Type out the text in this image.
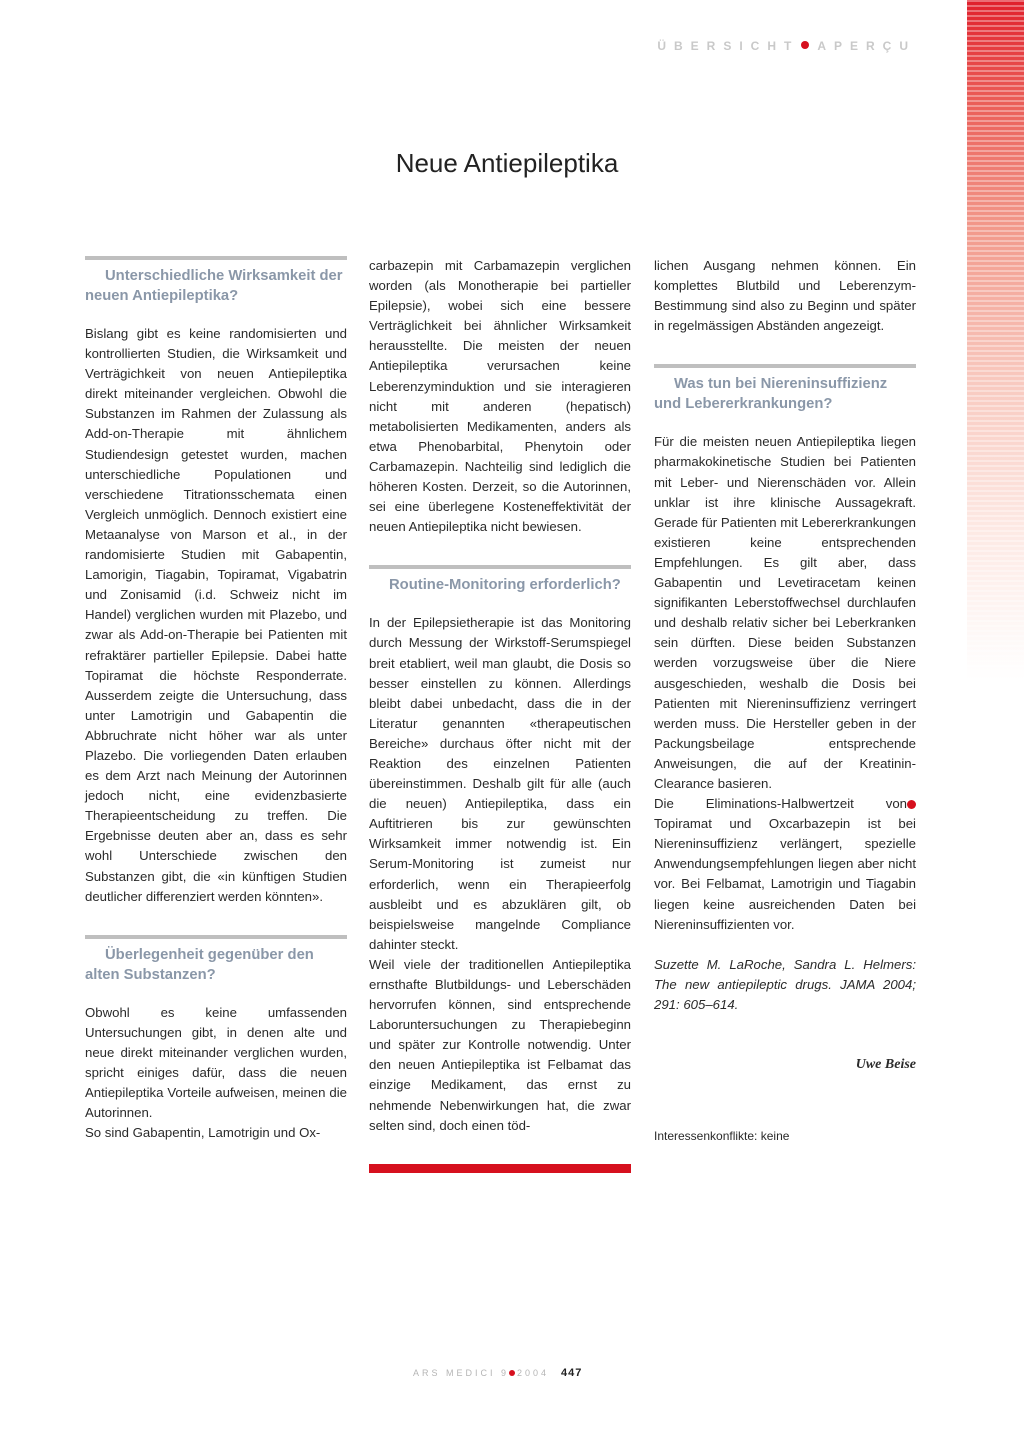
ÜBERSICHT APERÇU
Neue Antiepileptika
Unterschiedliche Wirksamkeit der neuen Antiepileptika?

Bislang gibt es keine randomisierten und kontrollierten Studien, die Wirksamkeit und Verträgichkeit von neuen Antiepileptika direkt miteinander vergleichen. Obwohl die Substanzen im Rahmen der Zulassung als Add-on-Therapie mit ähnlichem Studiendesign getestet wurden, machen unterschiedliche Populationen und verschiedene Titrationsschemata einen Vergleich unmöglich. Dennoch existiert eine Metaanalyse von Marson et al., in der randomisierte Studien mit Gabapentin, Lamorigin, Tiagabin, Topiramat, Vigabatrin und Zonisamid (i.d. Schweiz nicht im Handel) verglichen wurden mit Plazebo, und zwar als Add-on-Therapie bei Patienten mit refraktärer partieller Epilepsie. Dabei hatte Topiramat die höchste Responderrate. Ausserdem zeigte die Untersuchung, dass unter Lamotrigin und Gabapentin die Abbruchrate nicht höher war als unter Plazebo. Die vorliegenden Daten erlauben es dem Arzt nach Meinung der Autorinnen jedoch nicht, eine evidenzbasierte Therapieentscheidung zu treffen. Die Ergebnisse deuten aber an, dass es sehr wohl Unterschiede zwischen den Substanzen gibt, die «in künftigen Studien deutlicher differenziert werden könnten».

Überlegenheit gegenüber den alten Substanzen?

Obwohl es keine umfassenden Untersuchungen gibt, in denen alte und neue direkt miteinander verglichen wurden, spricht einiges dafür, dass die neuen Antiepileptika Vorteile aufweisen, meinen die Autorinnen.

So sind Gabapentin, Lamotrigin und Ox-

carbazepin mit Carbamazepin verglichen worden (als Monotherapie bei partieller Epilepsie), wobei sich eine bessere Verträglichkeit bei ähnlicher Wirksamkeit herausstellte. Die meisten der neuen Antiepileptika verursachen keine Leberenzyminduktion und sie interagieren nicht mit anderen (hepatisch) metabolisierten Medikamenten, anders als etwa Phenobarbital, Phenytoin oder Carbamazepin. Nachteilig sind lediglich die höheren Kosten. Derzeit, so die Autorinnen, sei eine überlegene Kosteneffektivität der neuen Antiepileptika nicht bewiesen.

Routine-Monitoring erforderlich?

In der Epilepsietherapie ist das Monitoring durch Messung der Wirkstoff-Serumspiegel breit etabliert, weil man glaubt, die Dosis so besser einstellen zu können. Allerdings bleibt dabei unbedacht, dass die in der Literatur genannten «therapeutischen Bereiche» durchaus öfter nicht mit der Reaktion des einzelnen Patienten übereinstimmen. Deshalb gilt für alle (auch die neuen) Antiepileptika, dass ein Auftitrieren bis zur gewünschten Wirksamkeit immer notwendig ist. Ein Serum-Monitoring ist zumeist nur erforderlich, wenn ein Therapieerfolg ausbleibt und es abzuklären gilt, ob beispielsweise mangelnde Compliance dahinter steckt.

Weil viele der traditionellen Antiepileptika ernsthafte Blutbildungs- und Leberschäden hervorrufen können, sind entsprechende Laboruntersuchungen zu Therapiebeginn und später zur Kontrolle notwendig. Unter den neuen Antiepileptika ist Felbamat das einzige Medikament, das ernst zu nehmende Nebenwirkungen hat, die zwar selten sind, doch einen töd-

lichen Ausgang nehmen können. Ein komplettes Blutbild und Leberenzym-Bestimmung sind also zu Beginn und später in regelmässigen Abständen angezeigt.

Was tun bei Niereninsuffizienz und Lebererkrankungen?

Für die meisten neuen Antiepileptika liegen pharmakokinetische Studien bei Patienten mit Leber- und Nierenschäden vor. Allein unklar ist ihre klinische Aussagekraft. Gerade für Patienten mit Lebererkrankungen existieren keine entsprechenden Empfehlungen. Es gilt aber, dass Gabapentin und Levetiracetam keinen signifikanten Leberstoffwechsel durchlaufen und deshalb relativ sicher bei Leberkranken sein dürften. Diese beiden Substanzen werden vorzugsweise über die Niere ausgeschieden, weshalb die Dosis bei Patienten mit Niereninsuffizienz verringert werden muss. Die Hersteller geben in der Packungsbeilage entsprechende Anweisungen, die auf der Kreatinin-Clearance basieren.

Die Eliminations-Halbwertzeit von Topiramat und Oxcarbazepin ist bei Niereninsuffizienz verlängert, spezielle Anwendungsempfehlungen liegen aber nicht vor. Bei Felbamat, Lamotrigin und Tiagabin liegen keine ausreichenden Daten bei Niereninsuffizienten vor.

Suzette M. LaRoche, Sandra L. Helmers: The new antiepileptic drugs. JAMA 2004; 291: 605–614.

Uwe Beise

Interessenkonflikte: keine

ARS MEDICI 9 2004 447
